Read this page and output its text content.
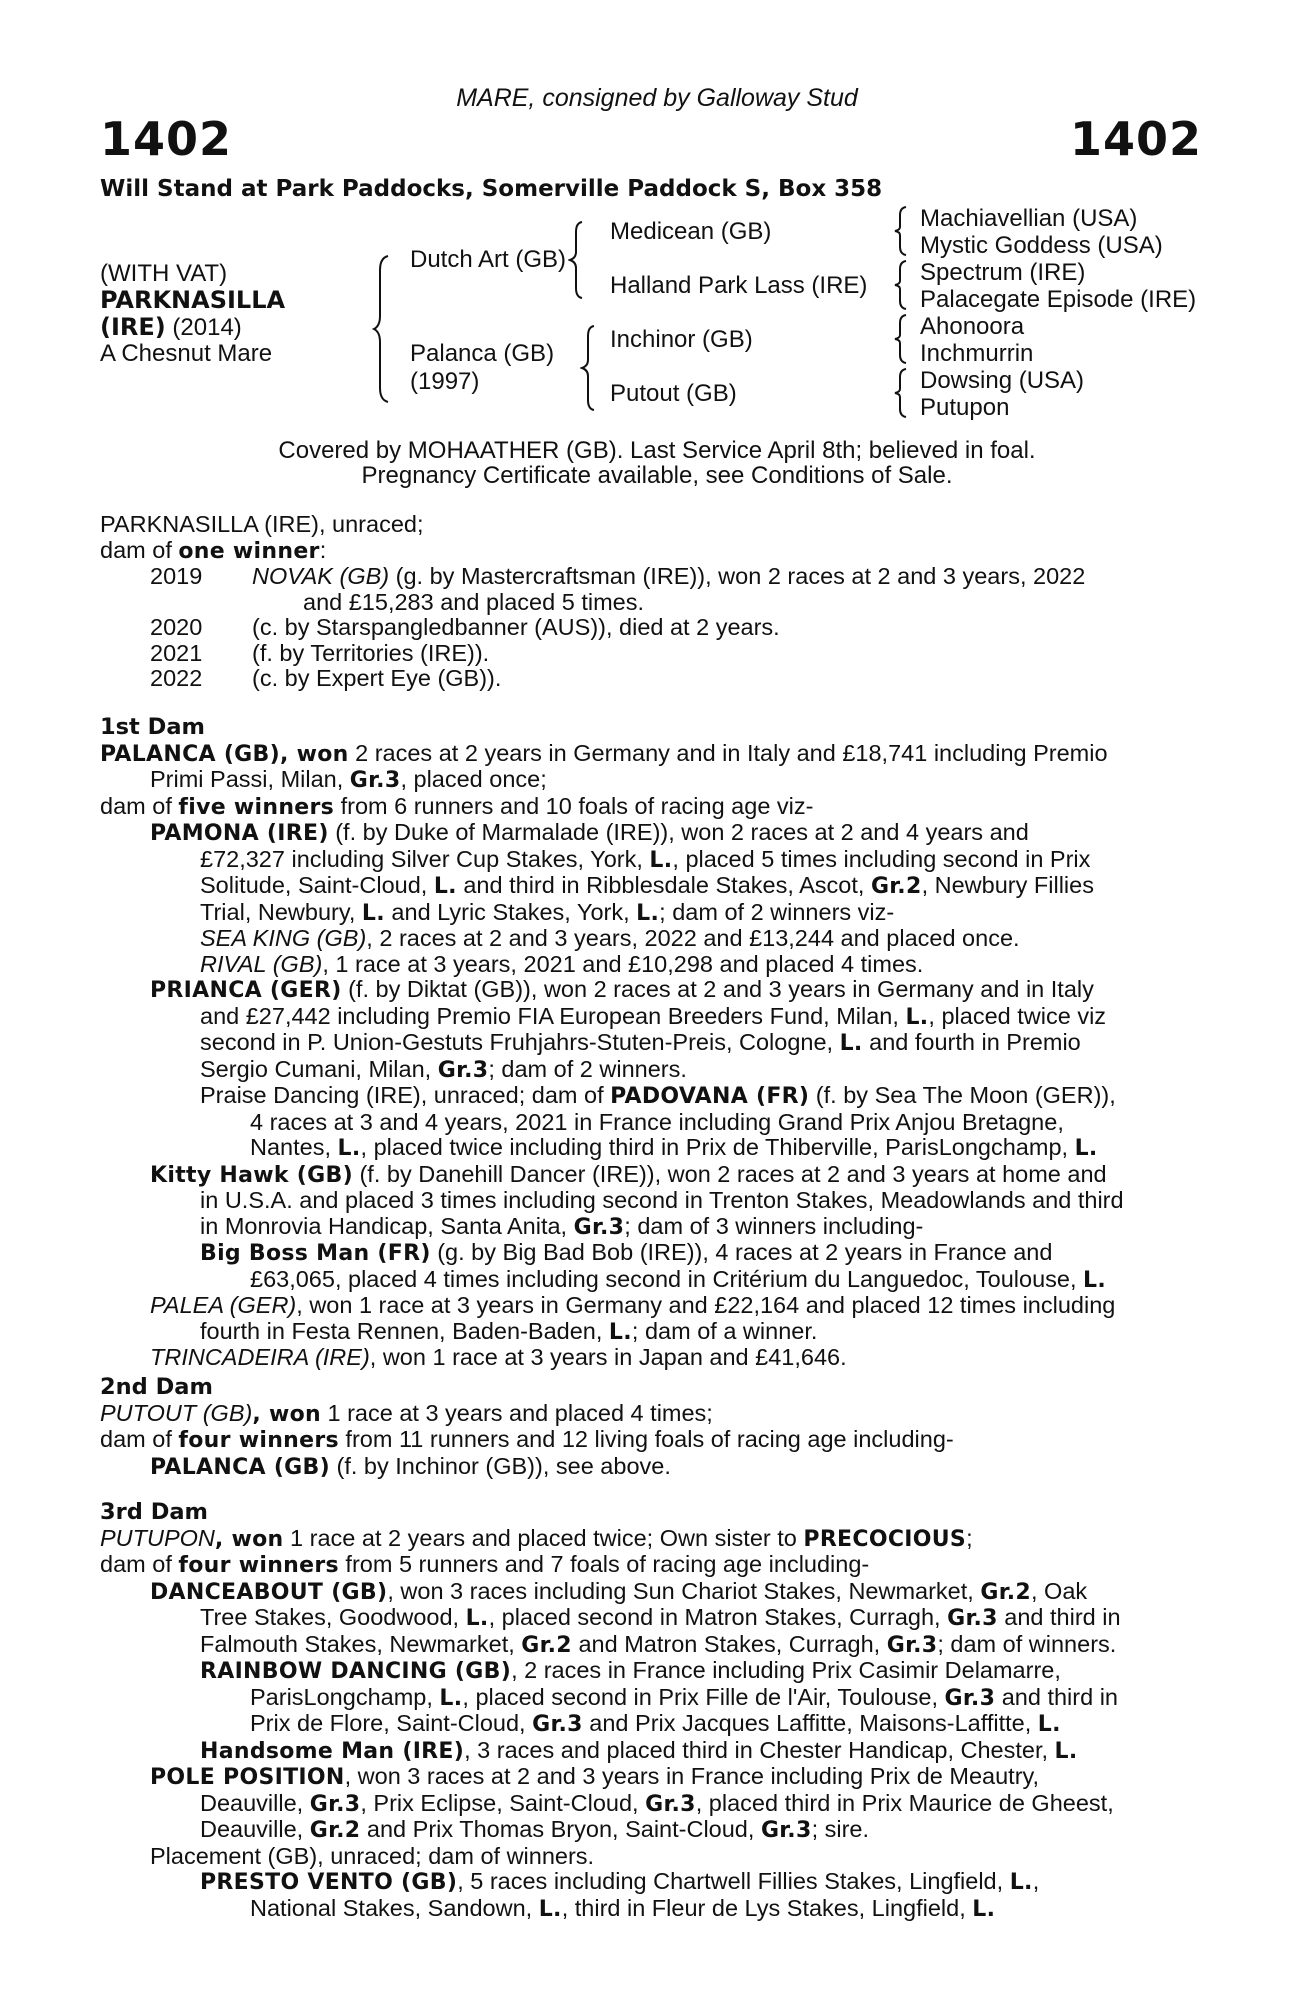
MARE, consigned by Galloway Stud
1402	1402
Will Stand at Park Paddocks, Somerville Paddock S, Box 358
(WITH VAT)
PARKNASILLA
(IRE) (2014)
A Chesnut Mare
Dutch Art (GB)
Palanca (GB)
(1997)
Medicean (GB)
Halland Park Lass (IRE)
Inchinor (GB)
Putout (GB)
Machiavellian (USA)
Mystic Goddess (USA)
Spectrum (IRE)
Palacegate Episode (IRE)
Ahonoora
Inchmurrin
Dowsing (USA)
Putupon
Covered by MOHAATHER (GB). Last Service April 8th; believed in foal.
Pregnancy Certificate available, see Conditions of Sale.
PARKNASILLA (IRE), unraced;
dam of one winner:
2019 NOVAK (GB) (g. by Mastercraftsman (IRE)), won 2 races at 2 and 3 years, 2022
and £15,283 and placed 5 times.
2020 (c. by Starspangledbanner (AUS)), died at 2 years.
2021 (f. by Territories (IRE)).
2022 (c. by Expert Eye (GB)).
1st Dam
PALANCA (GB), won 2 races at 2 years in Germany and in Italy and £18,741 including Premio
Primi Passi, Milan, Gr.3, placed once;
dam of five winners from 6 runners and 10 foals of racing age viz-
PAMONA (IRE) (f. by Duke of Marmalade (IRE)), won 2 races at 2 and 4 years and
£72,327 including Silver Cup Stakes, York, L., placed 5 times including second in Prix
Solitude, Saint-Cloud, L. and third in Ribblesdale Stakes, Ascot, Gr.2, Newbury Fillies
Trial, Newbury, L. and Lyric Stakes, York, L.; dam of 2 winners viz-
SEA KING (GB), 2 races at 2 and 3 years, 2022 and £13,244 and placed once.
RIVAL (GB), 1 race at 3 years, 2021 and £10,298 and placed 4 times.
PRIANCA (GER) (f. by Diktat (GB)), won 2 races at 2 and 3 years in Germany and in Italy
and £27,442 including Premio FIA European Breeders Fund, Milan, L., placed twice viz
second in P. Union-Gestuts Fruhjahrs-Stuten-Preis, Cologne, L. and fourth in Premio
Sergio Cumani, Milan, Gr.3; dam of 2 winners.
Praise Dancing (IRE), unraced; dam of PADOVANA (FR) (f. by Sea The Moon (GER)),
4 races at 3 and 4 years, 2021 in France including Grand Prix Anjou Bretagne,
Nantes, L., placed twice including third in Prix de Thiberville, ParisLongchamp, L.
Kitty Hawk (GB) (f. by Danehill Dancer (IRE)), won 2 races at 2 and 3 years at home and
in U.S.A. and placed 3 times including second in Trenton Stakes, Meadowlands and third
in Monrovia Handicap, Santa Anita, Gr.3; dam of 3 winners including-
Big Boss Man (FR) (g. by Big Bad Bob (IRE)), 4 races at 2 years in France and
£63,065, placed 4 times including second in Critérium du Languedoc, Toulouse, L.
PALEA (GER), won 1 race at 3 years in Germany and £22,164 and placed 12 times including
fourth in Festa Rennen, Baden-Baden, L.; dam of a winner.
TRINCADEIRA (IRE), won 1 race at 3 years in Japan and £41,646.
2nd Dam
PUTOUT (GB), won 1 race at 3 years and placed 4 times;
dam of four winners from 11 runners and 12 living foals of racing age including-
PALANCA (GB) (f. by Inchinor (GB)), see above.
3rd Dam
PUTUPON, won 1 race at 2 years and placed twice; Own sister to PRECOCIOUS;
dam of four winners from 5 runners and 7 foals of racing age including-
DANCEABOUT (GB), won 3 races including Sun Chariot Stakes, Newmarket, Gr.2, Oak
Tree Stakes, Goodwood, L., placed second in Matron Stakes, Curragh, Gr.3 and third in
Falmouth Stakes, Newmarket, Gr.2 and Matron Stakes, Curragh, Gr.3; dam of winners.
RAINBOW DANCING (GB), 2 races in France including Prix Casimir Delamarre,
ParisLongchamp, L., placed second in Prix Fille de l'Air, Toulouse, Gr.3 and third in
Prix de Flore, Saint-Cloud, Gr.3 and Prix Jacques Laffitte, Maisons-Laffitte, L.
Handsome Man (IRE), 3 races and placed third in Chester Handicap, Chester, L.
POLE POSITION, won 3 races at 2 and 3 years in France including Prix de Meautry,
Deauville, Gr.3, Prix Eclipse, Saint-Cloud, Gr.3, placed third in Prix Maurice de Gheest,
Deauville, Gr.2 and Prix Thomas Bryon, Saint-Cloud, Gr.3; sire.
Placement (GB), unraced; dam of winners.
PRESTO VENTO (GB), 5 races including Chartwell Fillies Stakes, Lingfield, L.,
National Stakes, Sandown, L., third in Fleur de Lys Stakes, Lingfield, L.
